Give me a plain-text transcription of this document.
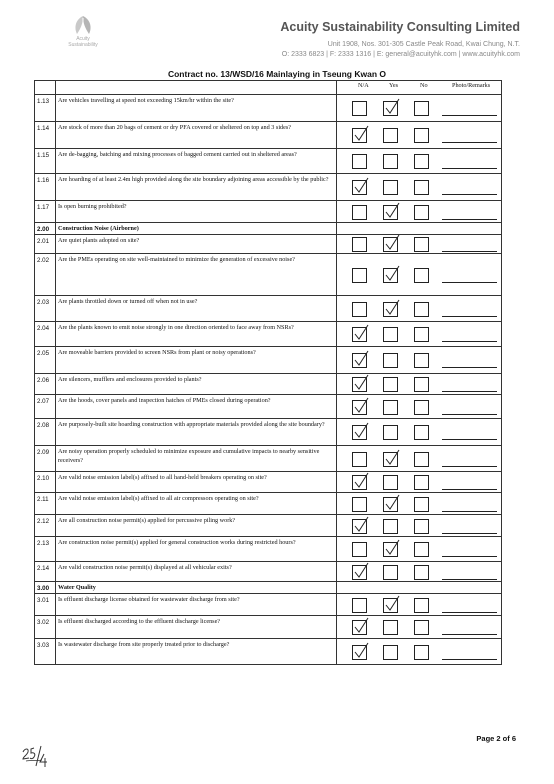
Acuity
Sustainability
Acuity Sustainability Consulting Limited
Unit 1908, Nos. 301-305 Castle Peak Road, Kwai Chung, N.T.
O: 2333 6823 | F: 2333 1316 | E: general@acuityhk.com | www.acuityhk.com
Contract no. 13/WSD/16 Mainlaying in Tseung Kwan O
N/A	Yes	No	Photo/Remarks

1.13	Are vehicles travelling at speed not exceeding 15km/hr within the site?	

1.14	Are stock of more than 20 bags of cement or dry PFA covered or sheltered on top and 3 sides?	

1.15	Are de-bagging, batching and mixing processes of bagged cement carried out in sheltered areas?	

1.16	Are hoarding of at least 2.4m high provided along the site boundary adjoining areas accessible by the public?	

1.17	Is open burning prohibited?	

2.00	Construction Noise (Airborne)	
2.01	Are quiet plants adopted on site?	

2.02	Are the PMEs operating on site well-maintained to minimize the generation of excessive noise?	

2.03	Are plants throttled down or turned off when not in use?	

2.04	Are the plants known to emit noise strongly in one direction oriented to face away from NSRs?	

2.05	Are moveable barriers provided to screen NSRs from plant or noisy operations?	

2.06	Are silencers, mufflers and enclosures provided to plants?	

2.07	Are the hoods, cover panels and inspection hatches of PMEs closed during operation?	

2.08	Are purposely-built site hoarding construction with appropriate materials provided along the site boundary?	

2.09	Are noisy operation properly scheduled to minimize exposure and cumulative impacts to nearby sensitive receivers?	

2.10	Are valid noise emission label(s) affixed to all hand-held breakers operating on site?	

2.11	Are valid noise emission label(s) affixed to all air compressors operating on site?	

2.12	Are all construction noise permit(s) applied for percussive piling work?	

2.13	Are construction noise permit(s) applied for general construction works during restricted hours?	

2.14	Are valid construction noise permit(s) displayed at all vehicular exits?	

3.00	Water Quality	
3.01	Is effluent discharge license obtained for wastewater discharge from site?	

3.02	Is effluent discharged according to the effluent discharge license?	

3.03	Is wastewater discharge from site properly treated prior to discharge?	
Page 2 of 6
